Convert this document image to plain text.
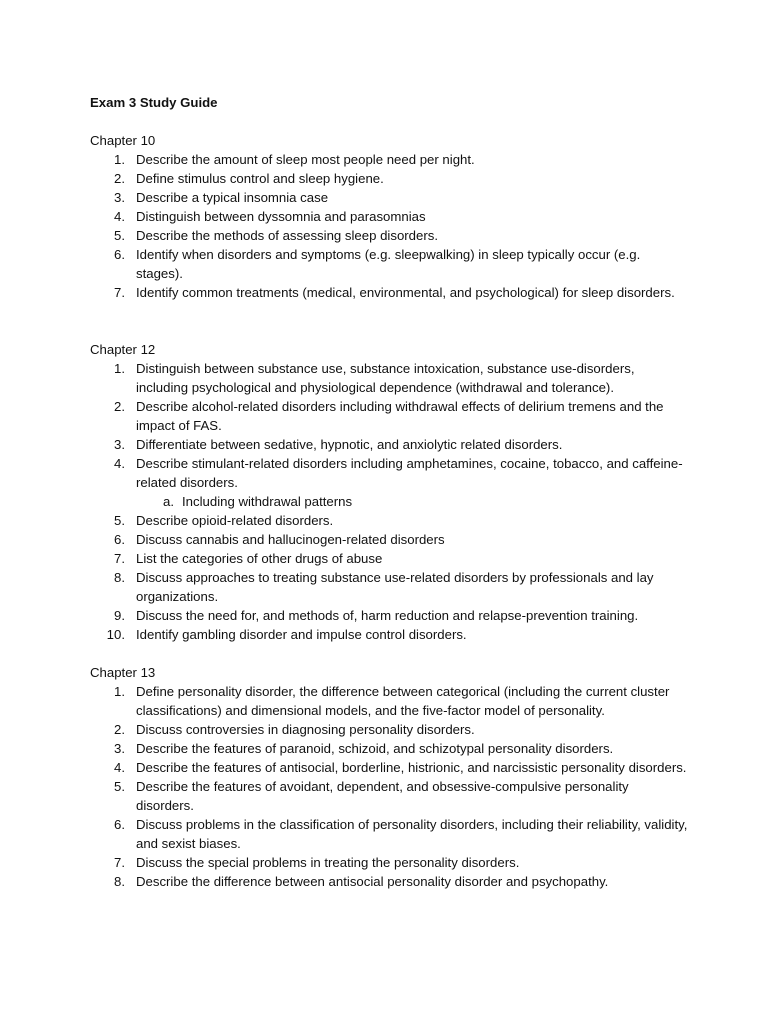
Exam 3 Study Guide
Chapter 10
1. Describe the amount of sleep most people need per night.
2. Define stimulus control and sleep hygiene.
3. Describe a typical insomnia case
4. Distinguish between dyssomnia and parasomnias
5. Describe the methods of assessing sleep disorders.
6. Identify when disorders and symptoms (e.g. sleepwalking) in sleep typically occur (e.g. stages).
7. Identify common treatments (medical, environmental, and psychological) for sleep disorders.
Chapter 12
1. Distinguish between substance use, substance intoxication, substance use-disorders, including psychological and physiological dependence (withdrawal and tolerance).
2. Describe alcohol-related disorders including withdrawal effects of delirium tremens and the impact of FAS.
3. Differentiate between sedative, hypnotic, and anxiolytic related disorders.
4. Describe stimulant-related disorders including amphetamines, cocaine, tobacco, and caffeine-related disorders.
a. Including withdrawal patterns
5. Describe opioid-related disorders.
6. Discuss cannabis and hallucinogen-related disorders
7. List the categories of other drugs of abuse
8. Discuss approaches to treating substance use-related disorders by professionals and lay organizations.
9. Discuss the need for, and methods of, harm reduction and relapse-prevention training.
10. Identify gambling disorder and impulse control disorders.
Chapter 13
1. Define personality disorder, the difference between categorical (including the current cluster classifications) and dimensional models, and the five-factor model of personality.
2. Discuss controversies in diagnosing personality disorders.
3. Describe the features of paranoid, schizoid, and schizotypal personality disorders.
4. Describe the features of antisocial, borderline, histrionic, and narcissistic personality disorders.
5. Describe the features of avoidant, dependent, and obsessive-compulsive personality disorders.
6. Discuss problems in the classification of personality disorders, including their reliability, validity, and sexist biases.
7. Discuss the special problems in treating the personality disorders.
8. Describe the difference between antisocial personality disorder and psychopathy.
